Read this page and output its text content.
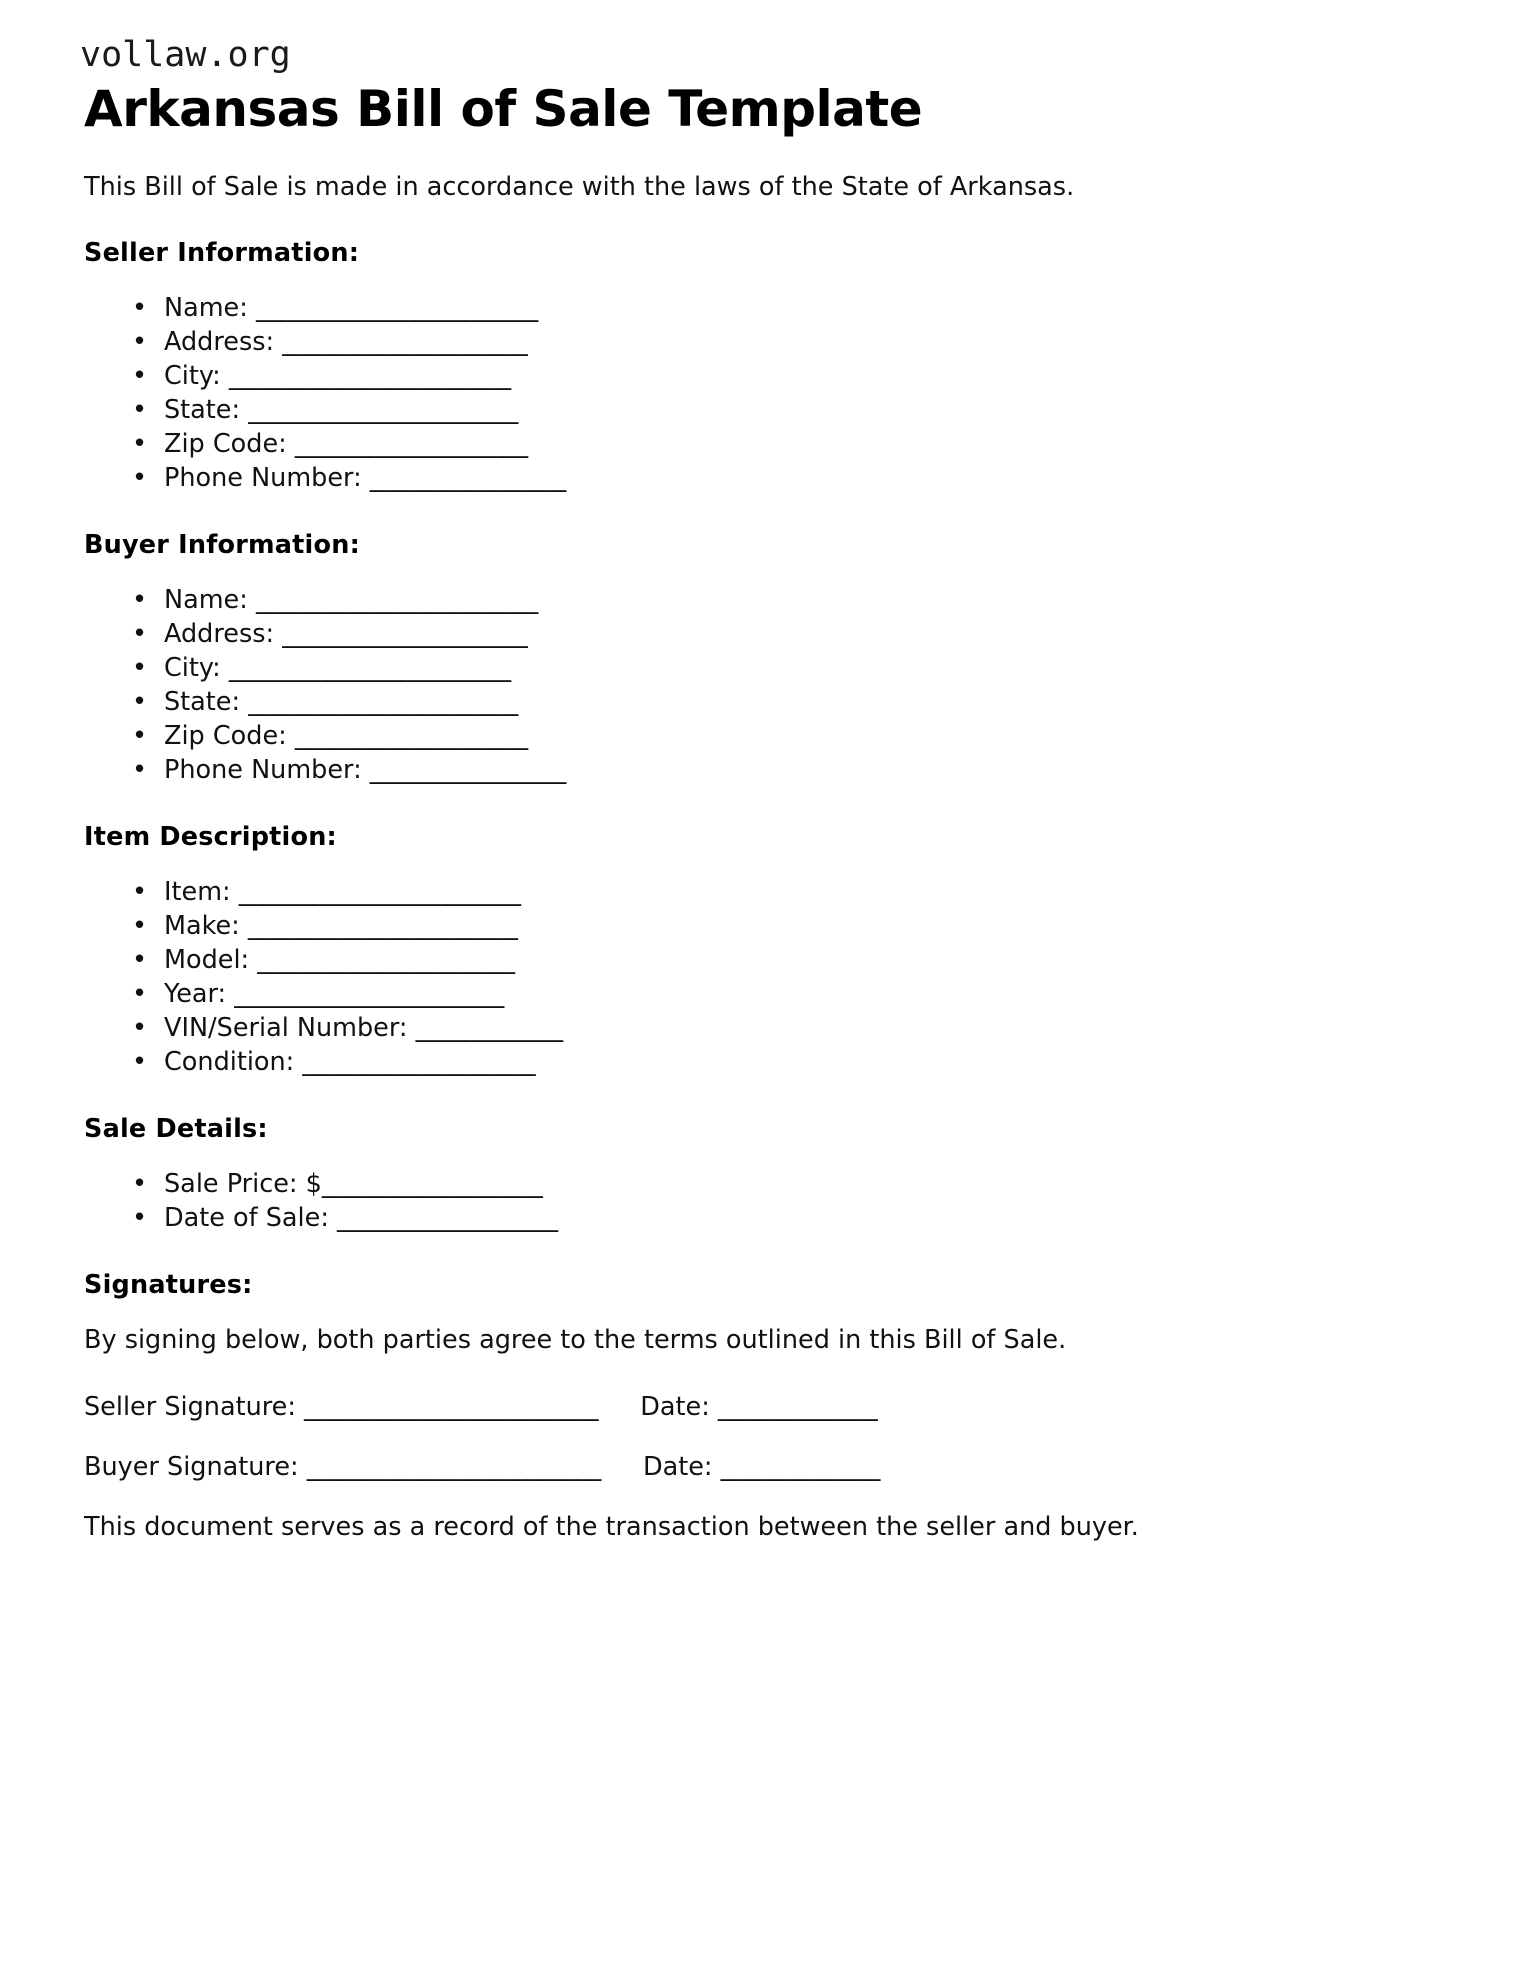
vollaw.org
Arkansas Bill of Sale Template

This Bill of Sale is made in accordance with the laws of the State of Arkansas.

Seller Information:
• Name: _______________________
• Address: ____________________
• City: _______________________
• State: ______________________
• Zip Code: ___________________
• Phone Number: ________________
Buyer Information:
• Name: _______________________
• Address: ____________________
• City: _______________________
• State: ______________________
• Zip Code: ___________________
• Phone Number: ________________
Item Description:
• Item: _______________________
• Make: ______________________
• Model: _____________________
• Year: ______________________
• VIN/Serial Number: ____________
• Condition: ___________________
Sale Details:
• Sale Price: $__________________
• Date of Sale: __________________
Signatures:

By signing below, both parties agree to the terms outlined in this Bill of Sale.

Seller Signature: ________________________ Date: _____________
Buyer Signature: ________________________ Date: _____________

This document serves as a record of the transaction between the seller and buyer.
